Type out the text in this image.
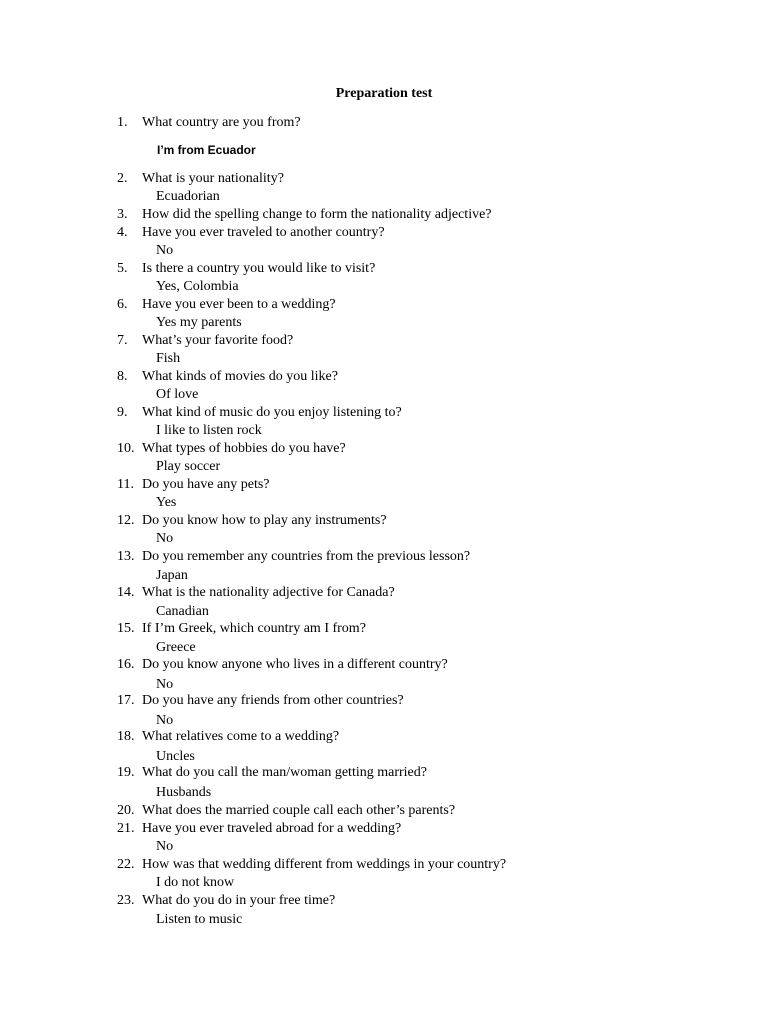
Preparation test
1.	What country are you from?
I’m from Ecuador
2.	What is your nationality?
Ecuadorian
3.	How did the spelling change to form the nationality adjective?
4.	Have you ever traveled to another country?
No
5.	Is there a country you would like to visit?
Yes, Colombia
6.	Have you ever been to a wedding?
Yes my parents
7.	What’s your favorite food?
Fish
8.	What kinds of movies do you like?
Of love
9.	What kind of music do you enjoy listening to?
I like to listen rock
10. What types of hobbies do you have?
Play soccer
11. Do you have any pets?
Yes
12. Do you know how to play any instruments?
No
13. Do you remember any countries from the previous lesson?
Japan
14. What is the nationality adjective for Canada?
Canadian
15. If I’m Greek, which country am I from?
Greece
16. Do you know anyone who lives in a different country?
No
17. Do you have any friends from other countries?
No
18. What relatives come to a wedding?
Uncles
19. What do you call the man/woman getting married?
Husbands
20. What does the married couple call each other’s parents?
21. Have you ever traveled abroad for a wedding?
No
22. How was that wedding different from weddings in your country?
I do not know
23. What do you do in your free time?
Listen to music
